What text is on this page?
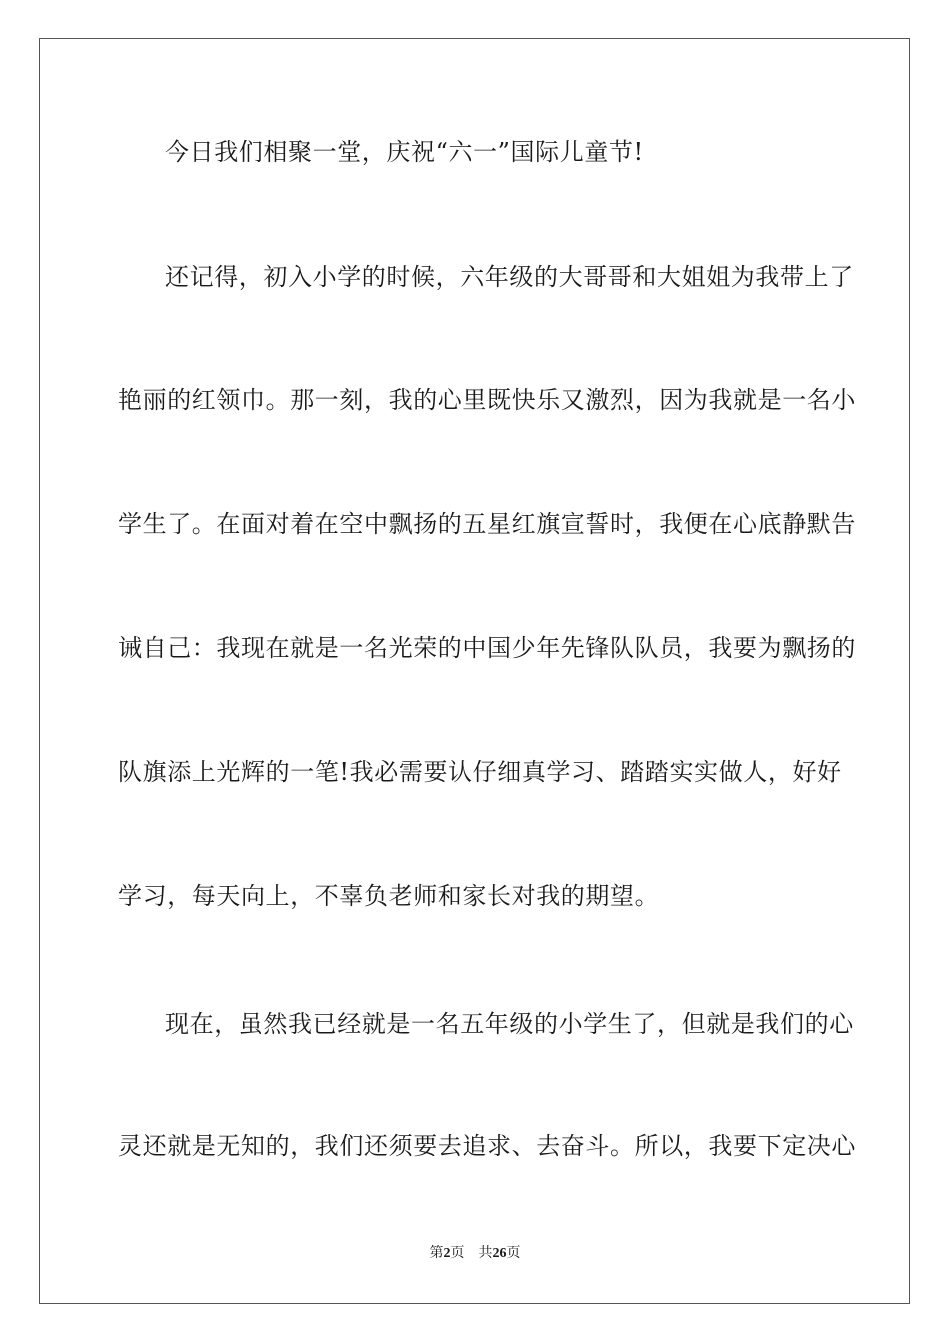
今日我们相聚一堂，庆祝“六一”国际儿童节!
还记得，初入小学的时候，六年级的大哥哥和大姐姐为我带上了
艳丽的红领巾。那一刻，我的心里既快乐又激烈，因为我就是一名小
学生了。在面对着在空中飘扬的五星红旗宣誓时，我便在心底静默告
诫自己：我现在就是一名光荣的中国少年先锋队队员，我要为飘扬的
队旗添上光辉的一笔!我必需要认仔细真学习、踏踏实实做人，好好
学习，每天向上，不辜负老师和家长对我的期望。
现在，虽然我已经就是一名五年级的小学生了，但就是我们的心
灵还就是无知的，我们还须要去追求、去奋斗。所以，我要下定决心
第2页 共26页
